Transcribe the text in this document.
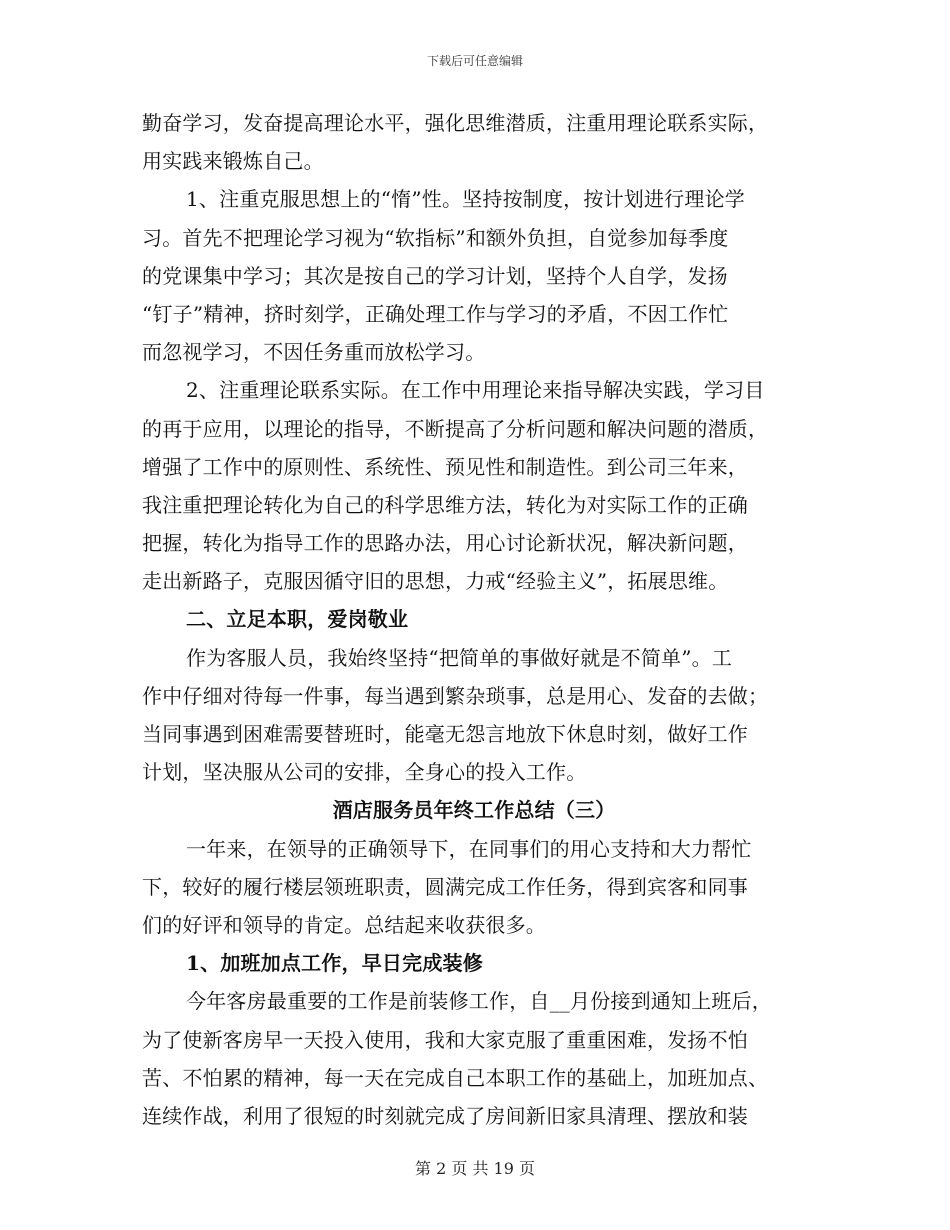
下载后可任意编辑
勤奋学习，发奋提高理论水平，强化思维潜质，注重用理论联系实际，
用实践来锻炼自己。
1、注重克服思想上的“惰”性。坚持按制度，按计划进行理论学
习。首先不把理论学习视为“软指标”和额外负担，自觉参加每季度
的党课集中学习；其次是按自己的学习计划，坚持个人自学，发扬
“钉子”精神，挤时刻学，正确处理工作与学习的矛盾，不因工作忙
而忽视学习，不因任务重而放松学习。
2、注重理论联系实际。在工作中用理论来指导解决实践，学习目
的再于应用，以理论的指导，不断提高了分析问题和解决问题的潜质，
增强了工作中的原则性、系统性、预见性和制造性。到公司三年来，
我注重把理论转化为自己的科学思维方法，转化为对实际工作的正确
把握，转化为指导工作的思路办法，用心讨论新状况，解决新问题，
走出新路子，克服因循守旧的思想，力戒“经验主义”，拓展思维。
二、立足本职，爱岗敬业
作为客服人员，我始终坚持“把简单的事做好就是不简单”。工
作中仔细对待每一件事，每当遇到繁杂琐事，总是用心、发奋的去做；
当同事遇到困难需要替班时，能毫无怨言地放下休息时刻，做好工作
计划，坚决服从公司的安排，全身心的投入工作。
酒店服务员年终工作总结（三）
一年来，在领导的正确领导下，在同事们的用心支持和大力帮忙
下，较好的履行楼层领班职责，圆满完成工作任务，得到宾客和同事
们的好评和领导的肯定。总结起来收获很多。
1、加班加点工作，早日完成装修
今年客房最重要的工作是前装修工作，自__月份接到通知上班后，
为了使新客房早一天投入使用，我和大家克服了重重困难，发扬不怕
苦、不怕累的精神，每一天在完成自己本职工作的基础上，加班加点、
连续作战，利用了很短的时刻就完成了房间新旧家具清理、摆放和装
第 2 页 共 19 页
